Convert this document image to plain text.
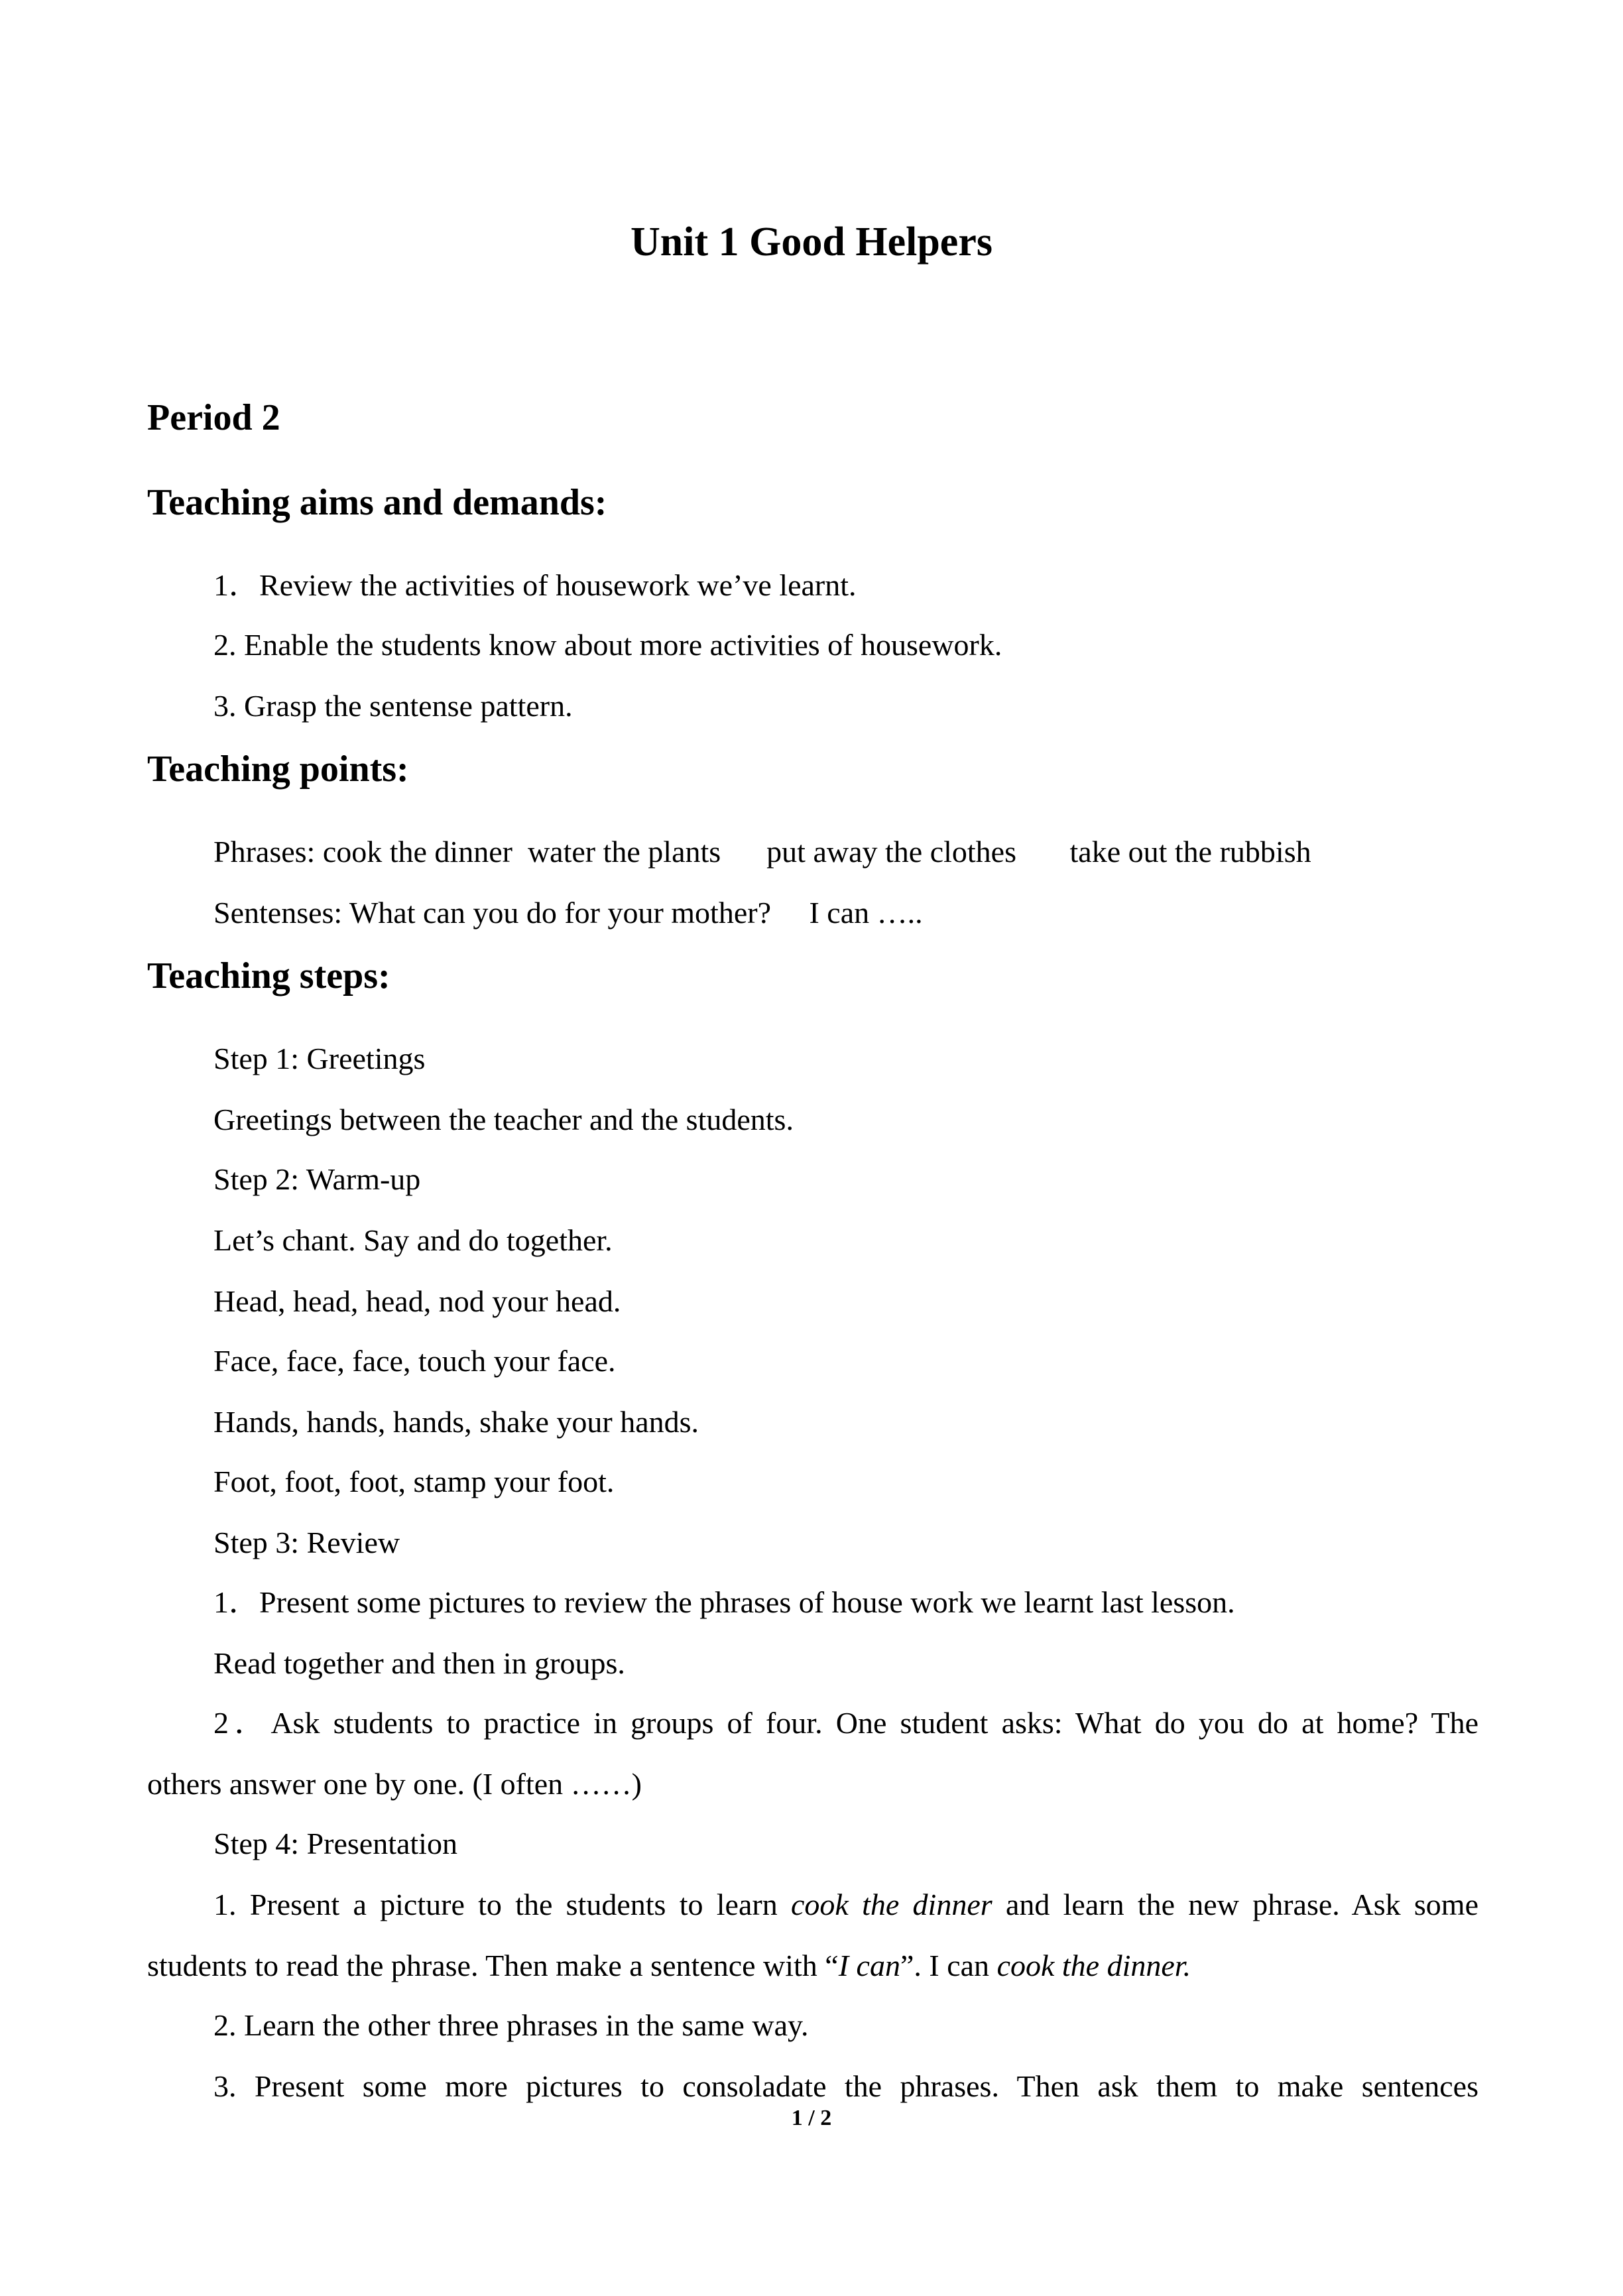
Unit 1 Good Helpers
Period 2
Teaching aims and demands:
1．Review the activities of housework we’ve learnt.
2. Enable the students know about more activities of housework.
3. Grasp the sentense pattern.
Teaching points:
Phrases: cook the dinner  water the plants      put away the clothes       take out the rubbish
Sentenses: What can you do for your mother?     I can …..
Teaching steps:
Step 1: Greetings
Greetings between the teacher and the students.
Step 2: Warm-up
Let’s chant. Say and do together.
Head, head, head, nod your head.
Face, face, face, touch your face.
Hands, hands, hands, shake your hands.
Foot, foot, foot, stamp your foot.
Step 3: Review
1．Present some pictures to review the phrases of house work we learnt last lesson.
Read together and then in groups.
2．Ask students to practice in groups of four. One student asks: What do you do at home? The
others answer one by one. (I often ……)
Step 4: Presentation
1. Present a picture to the students to learn cook the dinner and learn the new phrase. Ask some
students to read the phrase. Then make a sentence with “I can”. I can cook the dinner.
2. Learn the other three phrases in the same way.
3. Present some more pictures to consoladate the phrases. Then ask them to make sentences
1 / 2
